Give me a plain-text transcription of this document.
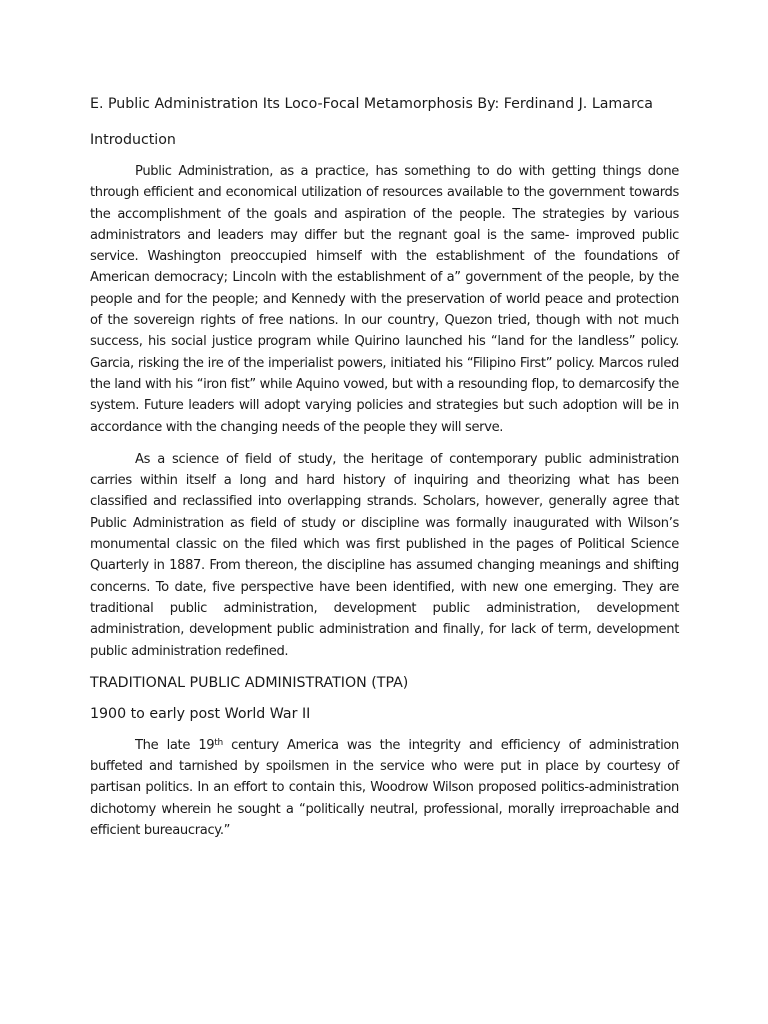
E. Public Administration Its Loco-Focal Metamorphosis By: Ferdinand J. Lamarca

Introduction

Public Administration, as a practice, has something to do with getting things done through efficient and economical utilization of resources available to the government towards the accomplishment of the goals and aspiration of the people. The strategies by various administrators and leaders may differ but the regnant goal is the same- improved public service. Washington preoccupied himself with the establishment of the foundations of American democracy; Lincoln with the establishment of a” government of the people, by the people and for the people; and Kennedy with the preservation of world peace and protection of the sovereign rights of free nations. In our country, Quezon tried, though with not much success, his social justice program while Quirino launched his “land for the landless” policy. Garcia, risking the ire of the imperialist powers, initiated his “Filipino First” policy. Marcos ruled the land with his “iron fist” while Aquino vowed, but with a resounding flop, to demarcosify the system. Future leaders will adopt varying policies and strategies but such adoption will be in accordance with the changing needs of the people they will serve.

As a science of field of study, the heritage of contemporary public administration carries within itself a long and hard history of inquiring and theorizing what has been classified and reclassified into overlapping strands. Scholars, however, generally agree that Public Administration as field of study or discipline was formally inaugurated with Wilson’s monumental classic on the filed which was first published in the pages of Political Science Quarterly in 1887. From thereon, the discipline has assumed changing meanings and shifting concerns. To date, five perspective have been identified, with new one emerging. They are traditional public administration, development public administration, development administration, development public administration and finally, for lack of term, development public administration redefined.

TRADITIONAL PUBLIC ADMINISTRATION (TPA)

1900 to early post World War II

The late 19th century America was the integrity and efficiency of administration buffeted and tarnished by spoilsmen in the service who were put in place by courtesy of partisan politics. In an effort to contain this, Woodrow Wilson proposed politics-administration dichotomy wherein he sought a “politically neutral, professional, morally irreproachable and efficient bureaucracy.”
